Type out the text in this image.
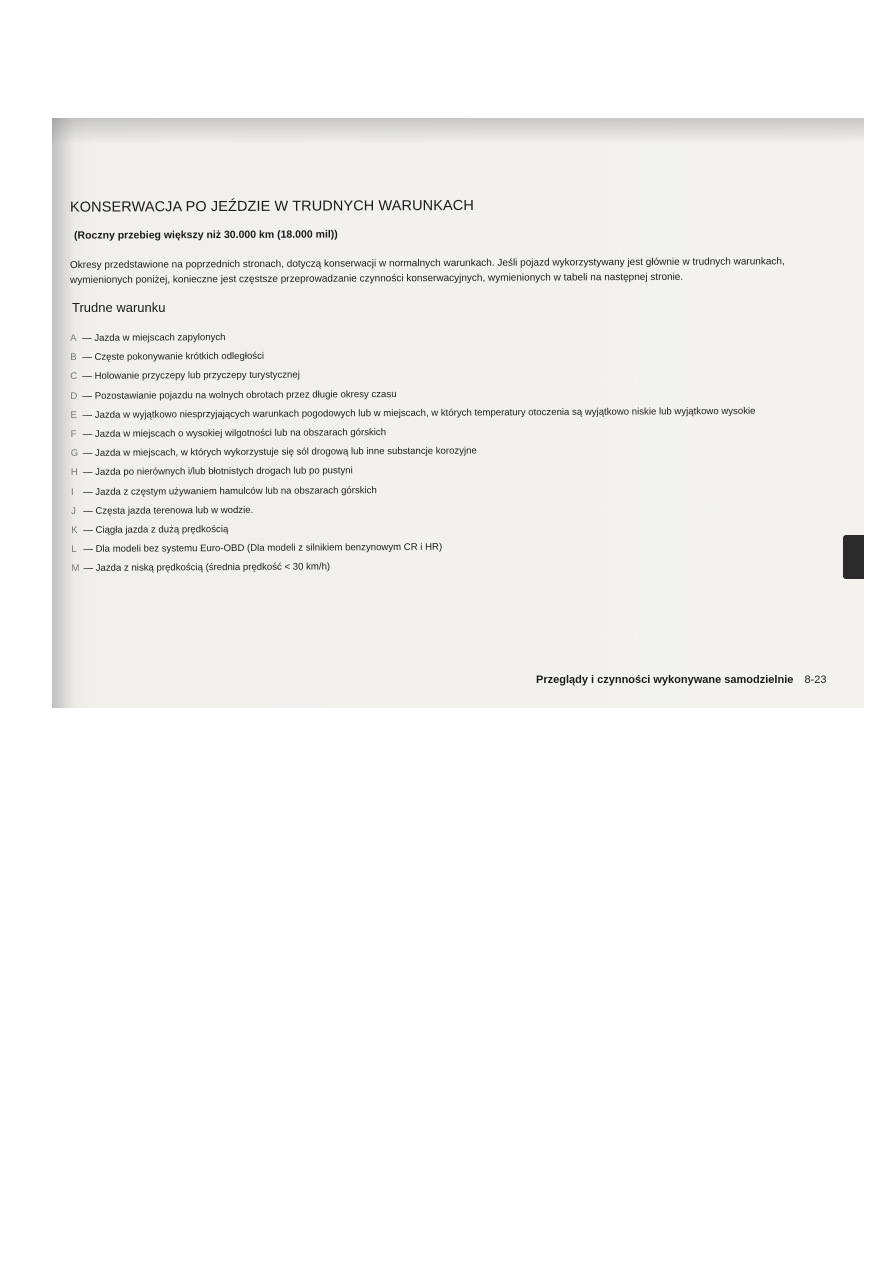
KONSERWACJA PO JEŹDZIE W TRUDNYCH WARUNKACH
(Roczny przebieg większy niż 30.000 km (18.000 mil))

Okresy przedstawione na poprzednich stronach, dotyczą konserwacji w normalnych warunkach. Jeśli pojazd wykorzystywany jest głównie w trudnych warunkach, wymienionych poniżej, konieczne jest częstsze przeprowadzanie czynności konserwacyjnych, wymienionych w tabeli na następnej stronie.

Trudne warunku
A — Jazda w miejscach zapylonych
B — Częste pokonywanie krótkich odległości
C — Holowanie przyczepy lub przyczepy turystycznej
D — Pozostawianie pojazdu na wolnych obrotach przez długie okresy czasu
E — Jazda w wyjątkowo niesprzyjających warunkach pogodowych lub w miejscach, w których temperatury otoczenia są wyjątkowo niskie lub wyjątkowo wysokie
F — Jazda w miejscach o wysokiej wilgotności lub na obszarach górskich
G — Jazda w miejscach, w których wykorzystuje się sól drogową lub inne substancje korozyjne
H — Jazda po nierównych i/lub błotnistych drogach lub po pustyni
I — Jazda z częstym używaniem hamulców lub na obszarach górskich
J — Częsta jazda terenowa lub w wodzie.
K — Ciągła jazda z dużą prędkością
L — Dla modeli bez systemu Euro-OBD (Dla modeli z silnikiem benzynowym CR i HR)
M — Jazda z niską prędkością (średnia prędkość < 30 km/h)
Przeglądy i czynności wykonywane samodzielnie 8-23
